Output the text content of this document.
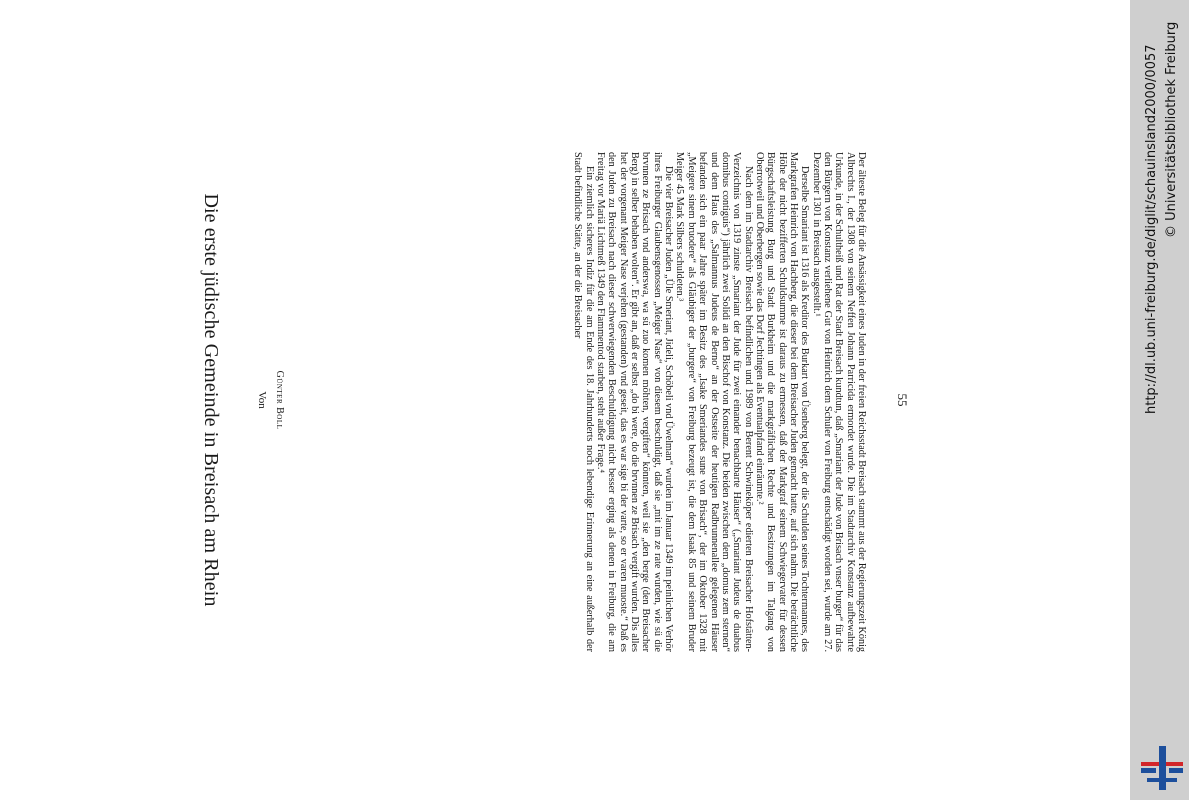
Die erste jüdische Gemeinde in Breisach am Rhein	Von Günter Boll	Der älteste Beleg für die Ansässigkeit eines Juden in der freien Reichsstadt Breisach stammt aus der Regierungszeit König Albrechts I., der 1308 von seinem Neffen Johann Parricida ermordet wurde. Die im Stadtarchiv Konstanz aufbewahrte Urkunde, in der Schultheiß und Rat der Stadt Breisach kundtun, daß „Smariant der Jude von Brisach vnser burger“ für das den Bürgern von Konstanz verliehene Gut von Heinrich dem Schuler von Freiburg entschädigt worden sei, wurde am 27. Dezember 1301 in Breisach ausgestellt.¹

Derselbe Smariant ist 1316 als Kreditor des Burkart von Üsenberg belegt, der die Schulden seines Tochtermannes, des Markgrafen Heinrich von Hachberg, die dieser bei dem Breisacher Juden gemacht hatte, auf sich nahm. Die beträchtliche Höhe der nicht bezifferten Schuldsumme ist daraus zu ermessen, daß der Markgraf seinem Schwiegervater für dessen Bürgschaftsleistung Burg und Stadt Burkheim und die markgräflichen Rechte und Besitzungen im Talgang von Oberrotweil und Oberbergen sowie das Dorf Jechtingen als Eventualpfand einräumte.²

Nach dem im Stadtarchiv Breisach befindlichen und 1989 von Berent Schwineköper edierten Breisacher Hofstätten-Verzeichnis von 1319 zinste „Smariant der Jude für zwei einander benachbarte Häuser“ („Smariant Judeus de duabus domibus contiguis“) jährlich zwei Solidi an den Bischof von Konstanz. Die beiden zwischen dem „domus zem sternen“ und dem Haus des „Salmannus Judeus de Berno“ an der Ostseite der heutigen Radbrunnenallee gelegenen Häuser befanden sich ein paar Jahre später im Besitz des „Isake Smeriandes sune von Brisach“, der im Oktober 1328 mit „Meigere sinem bruodere“ als Gläubiger der „burgere“ von Freiburg bezeugt ist, die dem Isaak 85 und seinem Bruder Meiger 45 Mark Silbers schuldeten.³

Die vier Breisacher Juden „Üle Smeriant, Jideli, Schöbeli vnd Üwelman“ wurden im Januar 1349 im peinlichen Verhör ihres Freiburger Glaubensgenossen „Meiger Nase“ von diesem beschuldigt, daß sie „mit im ze rate wurden, wie sü die brvnnen ze Brisach vnd anderswa, wa sü zuo komen möhten, vergiften“ könnten, weil sie „den berge (den Breisacher Berg) in selber behaben wolten“. Er gibt an, daß er selbst „do bi were, do die brvnnen ze Brisach vergift wurden. Dis alles het der vorgenant Meiger Nase verjehen (gestanden) vnd geseit, das es war sige bi der varte, so er varen muoste.“ Daß es den Juden zu Breisach nach dieser schwerwiegenden Beschuldigung nicht besser erging als denen in Freiburg, die am Freitag vor Mariä Lichtmeß 1349 den Flammentod starben, steht außer Frage.⁴

Ein ziemlich sicheres Indiz für die am Ende des 18. Jahrhunderts noch lebendige Erinnerung an eine außerhalb der Stadt befindliche Stätte, an der die Breisacher

55	http://dl.ub.uni-freiburg.de/diglit/schauinsland2000/0057 © Universitätsbibliothek Freiburg
